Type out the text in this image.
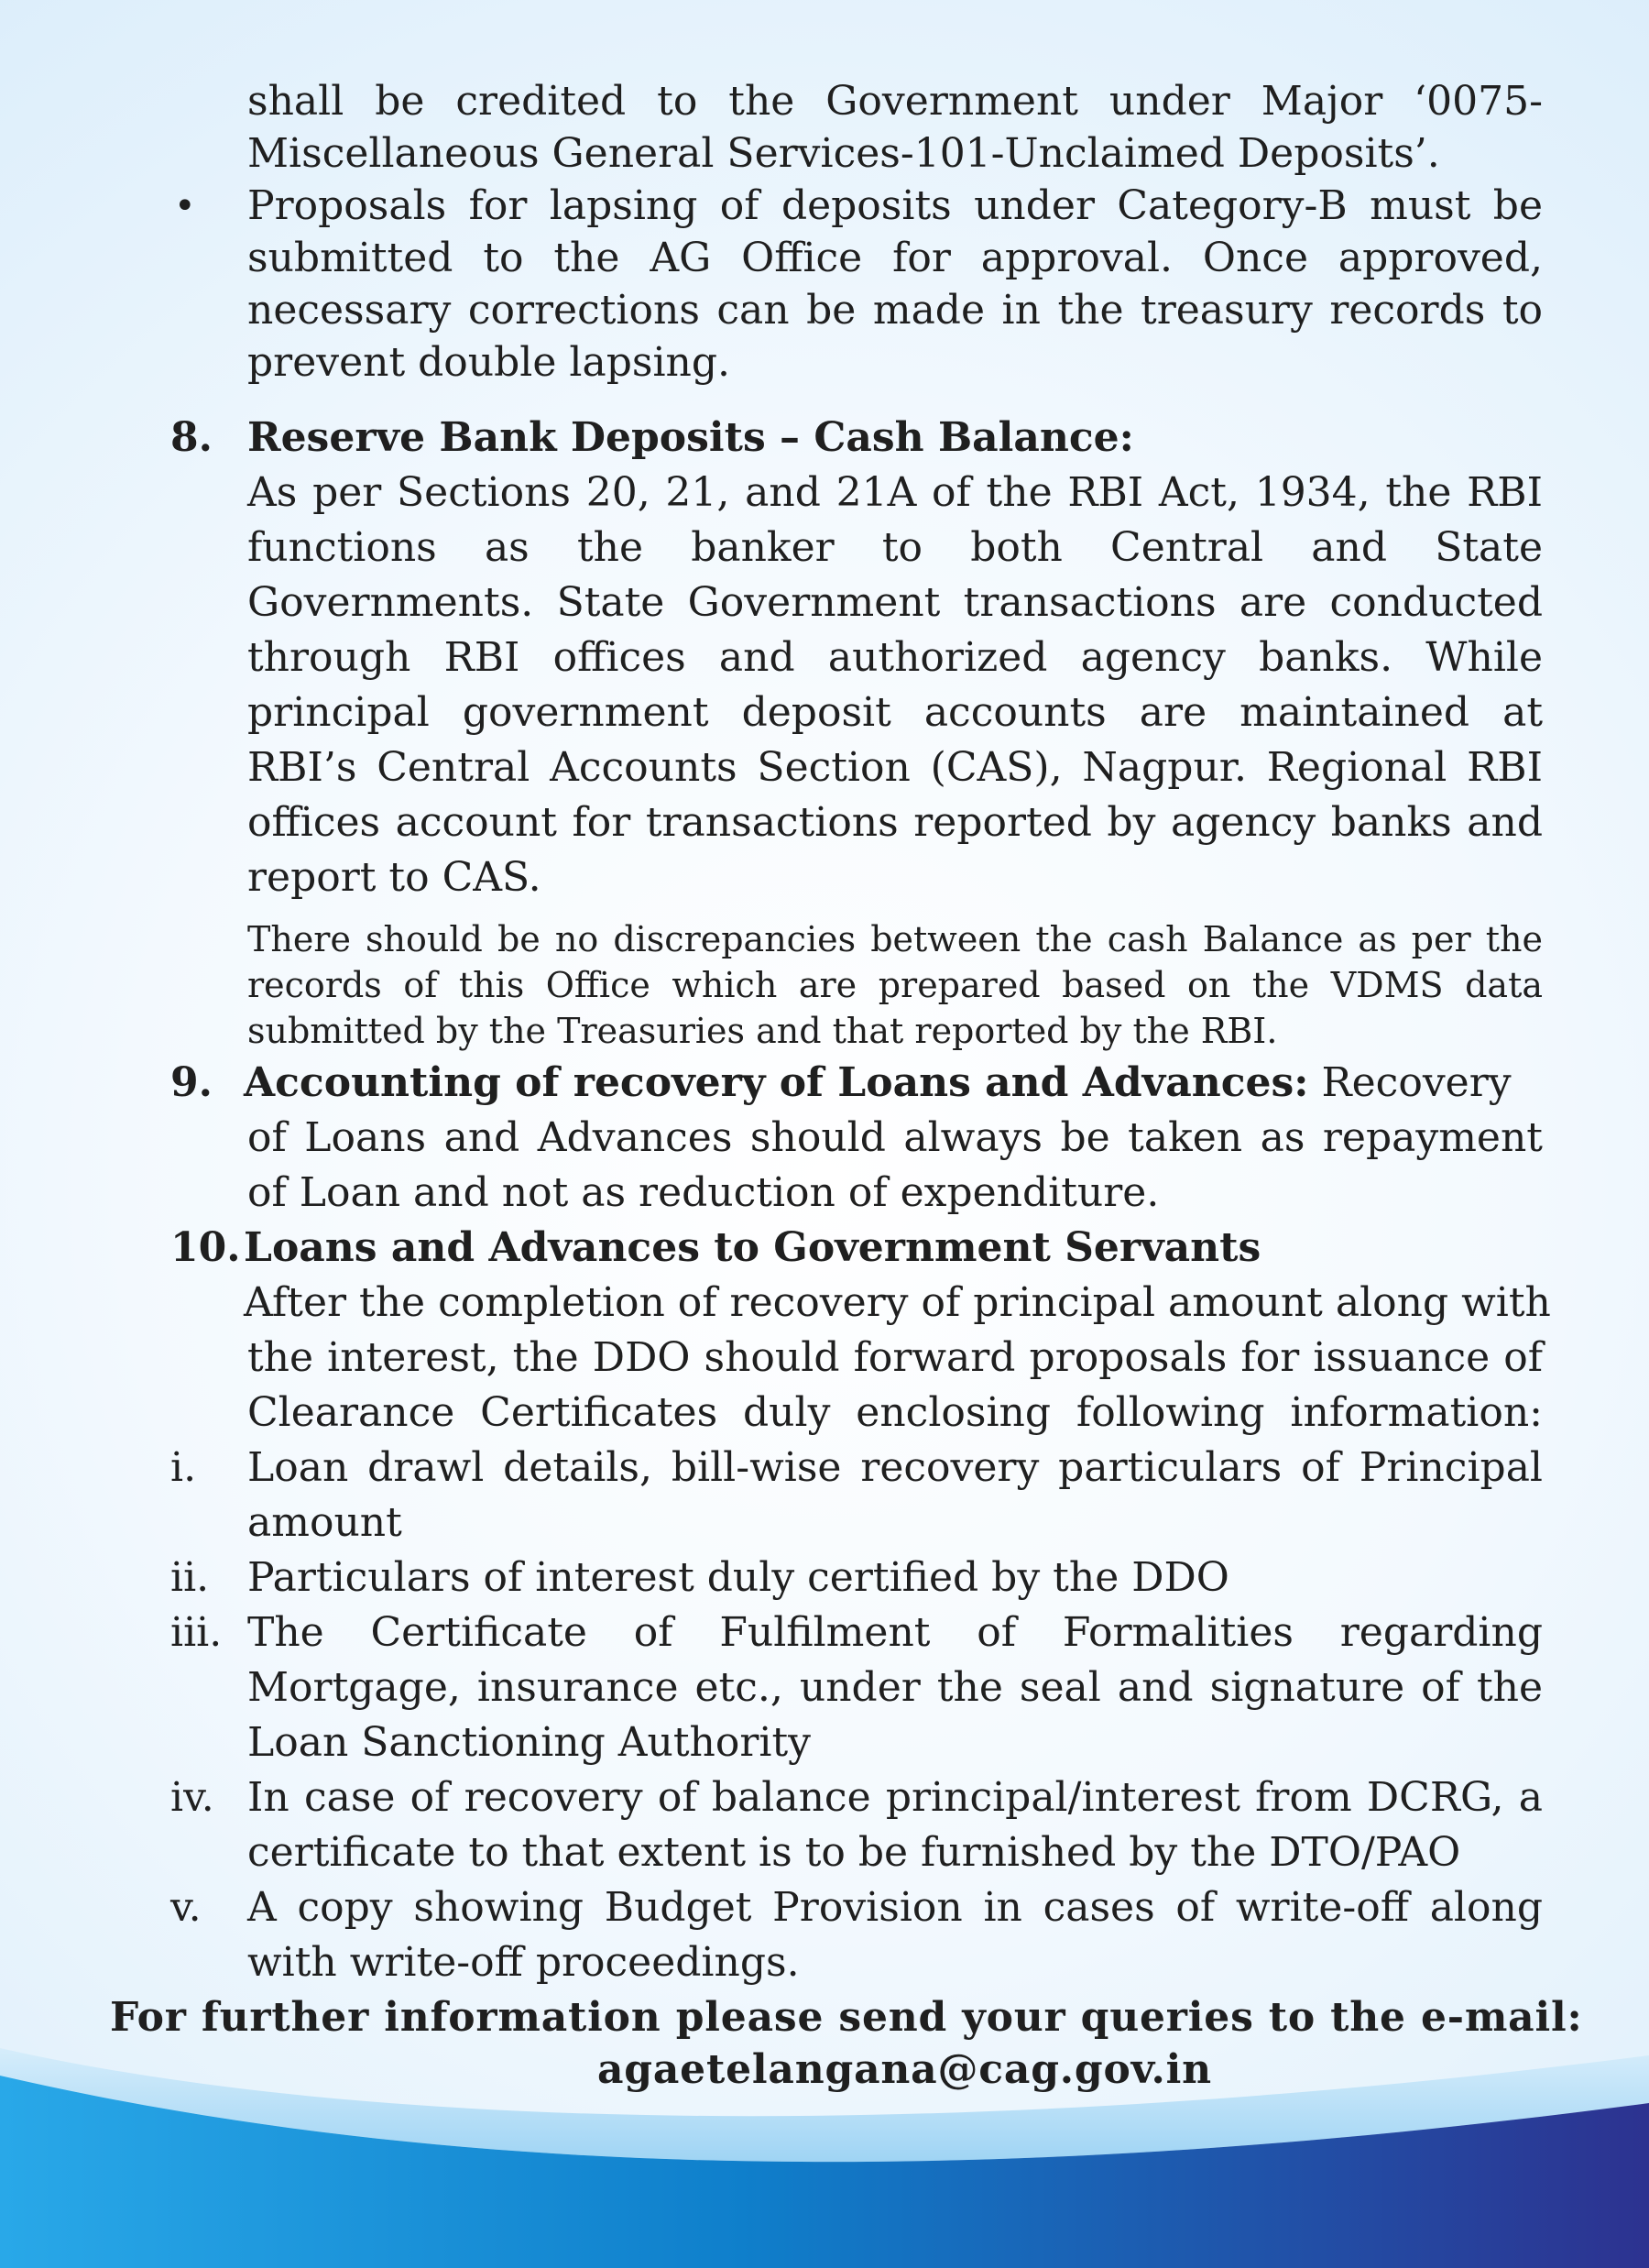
shall be credited to the Government under Major ‘0075-

Miscellaneous General Services-101-Unclaimed Deposits’.

• Proposals for lapsing of deposits under Category-B must be

submitted to the AG Office for approval. Once approved,

necessary corrections can be made in the treasury records to

prevent double lapsing.

8. Reserve Bank Deposits – Cash Balance:

As per Sections 20, 21, and 21A of the RBI Act, 1934, the RBI

functions as the banker to both Central and State

Governments. State Government transactions are conducted

through RBI offices and authorized agency banks. While

principal government deposit accounts are maintained at

RBI’s Central Accounts Section (CAS), Nagpur. Regional RBI

offices account for transactions reported by agency banks and

report to CAS.

There should be no discrepancies between the cash Balance as per the

records of this Office which are prepared based on the VDMS data

submitted by the Treasuries and that reported by the RBI.

9. Accounting of recovery of Loans and Advances: Recovery

of Loans and Advances should always be taken as repayment

of Loan and not as reduction of expenditure.

10. Loans and Advances to Government Servants

After the completion of recovery of principal amount along with

the interest, the DDO should forward proposals for issuance of

Clearance Certificates duly enclosing following information:

i. Loan drawl details, bill-wise recovery particulars of Principal

amount

ii. Particulars of interest duly certified by the DDO

iii. The Certificate of Fulfilment of Formalities regarding

Mortgage, insurance etc., under the seal and signature of the

Loan Sanctioning Authority

iv. In case of recovery of balance principal/interest from DCRG, a

certificate to that extent is to be furnished by the DTO/PAO

v. A copy showing Budget Provision in cases of write-off along

with write-off proceedings.

For further information please send your queries to the e-mail:

agaetelangana@cag.gov.in
